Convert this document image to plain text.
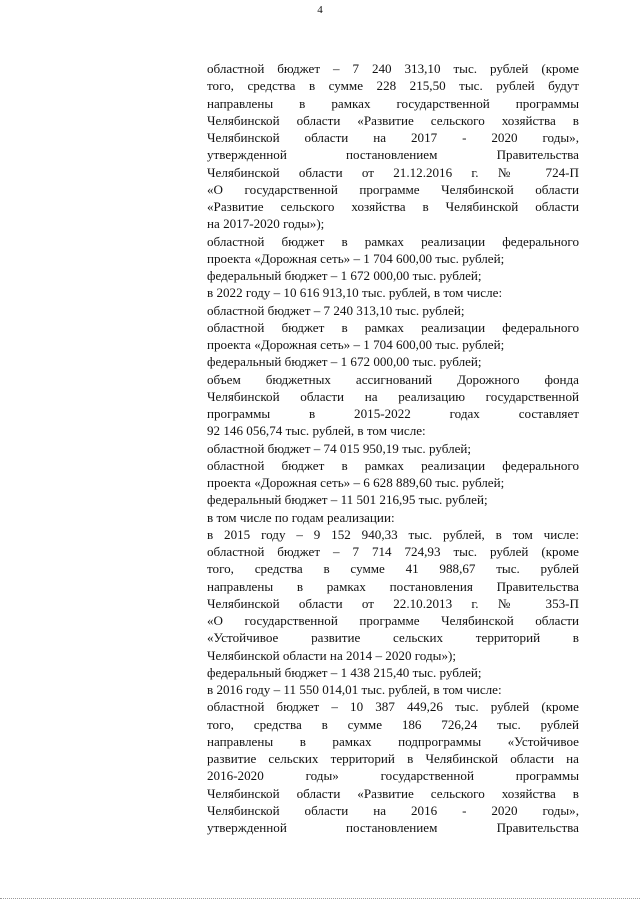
4
областной бюджет – 7 240 313,10 тыс. рублей (кроме
того, средства в сумме 228 215,50 тыс. рублей будут
направлены в рамках государственной программы
Челябинской области «Развитие сельского хозяйства в
Челябинской области на 2017 - 2020 годы»,
утвержденной постановлением Правительства
Челябинской области от 21.12.2016 г. № 724-П
«О государственной программе Челябинской области
«Развитие сельского хозяйства в Челябинской области
на 2017-2020 годы»);
областной бюджет в рамках реализации федерального
проекта «Дорожная сеть» – 1 704 600,00 тыс. рублей;
федеральный бюджет – 1 672 000,00 тыс. рублей;
в 2022 году – 10 616 913,10 тыс. рублей, в том числе:
областной бюджет – 7 240 313,10 тыс. рублей;
областной бюджет в рамках реализации федерального
проекта «Дорожная сеть» – 1 704 600,00 тыс. рублей;
федеральный бюджет – 1 672 000,00 тыс. рублей;
объем бюджетных ассигнований Дорожного фонда
Челябинской области на реализацию государственной
программы в 2015-2022 годах составляет
92 146 056,74 тыс. рублей, в том числе:
областной бюджет – 74 015 950,19 тыс. рублей;
областной бюджет в рамках реализации федерального
проекта «Дорожная сеть» – 6 628 889,60 тыс. рублей;
федеральный бюджет – 11 501 216,95 тыс. рублей;
в том числе по годам реализации:
в 2015 году – 9 152 940,33 тыс. рублей, в том числе:
областной бюджет – 7 714 724,93 тыс. рублей (кроме
того, средства в сумме 41 988,67 тыс. рублей
направлены в рамках постановления Правительства
Челябинской области от 22.10.2013 г. № 353-П
«О государственной программе Челябинской области
«Устойчивое развитие сельских территорий в
Челябинской области на 2014 – 2020 годы»);
федеральный бюджет – 1 438 215,40 тыс. рублей;
в 2016 году – 11 550 014,01 тыс. рублей, в том числе:
областной бюджет – 10 387 449,26 тыс. рублей (кроме
того, средства в сумме 186 726,24 тыс. рублей
направлены в рамках подпрограммы «Устойчивое
развитие сельских территорий в Челябинской области на
2016-2020 годы» государственной программы
Челябинской области «Развитие сельского хозяйства в
Челябинской области на 2016 - 2020 годы»,
утвержденной постановлением Правительства
